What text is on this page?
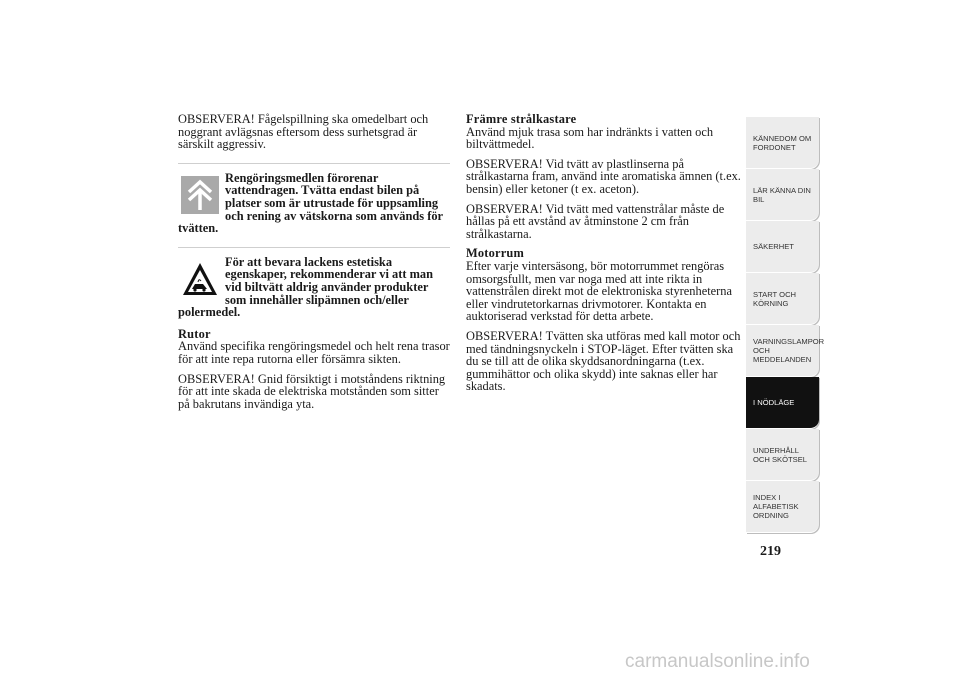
OBSERVERA! Fågelspillning ska omedelbart och noggrant avlägsnas eftersom dess surhetsgrad är särskilt aggressiv.

Rengöringsmedlen förorenar vattendragen. Tvätta endast bilen på platser som är utrustade för uppsamling och rening av vätskorna som används för tvätten.
För att bevara lackens estetiska egenskaper, rekommenderar vi att man vid biltvätt aldrig använder produkter som innehåller slipämnen och/eller polermedel.

Rutor

Använd specifika rengöringsmedel och helt rena trasor för att inte repa rutorna eller försämra sikten.

OBSERVERA! Gnid försiktigt i motståndens riktning för att inte skada de elektriska motstånden som sitter på bakrutans invändiga yta.

Främre strålkastare

Använd mjuk trasa som har indränkts i vatten och biltvättmedel.

OBSERVERA! Vid tvätt av plastlinserna på strålkastarna fram, använd inte aromatiska ämnen (t.ex. bensin) eller ketoner (t ex. aceton).

OBSERVERA! Vid tvätt med vattenstrålar måste de hållas på ett avstånd av åtminstone 2 cm från strålkastarna.

Motorrum

Efter varje vintersäsong, bör motorrummet rengöras omsorgsfullt, men var noga med att inte rikta in vattenstrålen direkt mot de elektroniska styrenheterna eller vindrutetorkarnas drivmotorer. Kontakta en auktoriserad verkstad för detta arbete.

OBSERVERA! Tvätten ska utföras med kall motor och med tändningsnyckeln i STOP-läget. Efter tvätten ska du se till att de olika skyddsanordningarna (t.ex. gummihättor och olika skydd) inte saknas eller har skadats.

KÄNNEDOM OM FORDONET
LÄR KÄNNA DIN BIL
SÄKERHET
START OCH KÖRNING
VARNINGSLAMPOR OCH MEDDELANDEN
I NÖDLÄGE
UNDERHÅLL OCH SKÖTSEL
INDEX I ALFABETISK ORDNING
219
carmanualsonline.info
